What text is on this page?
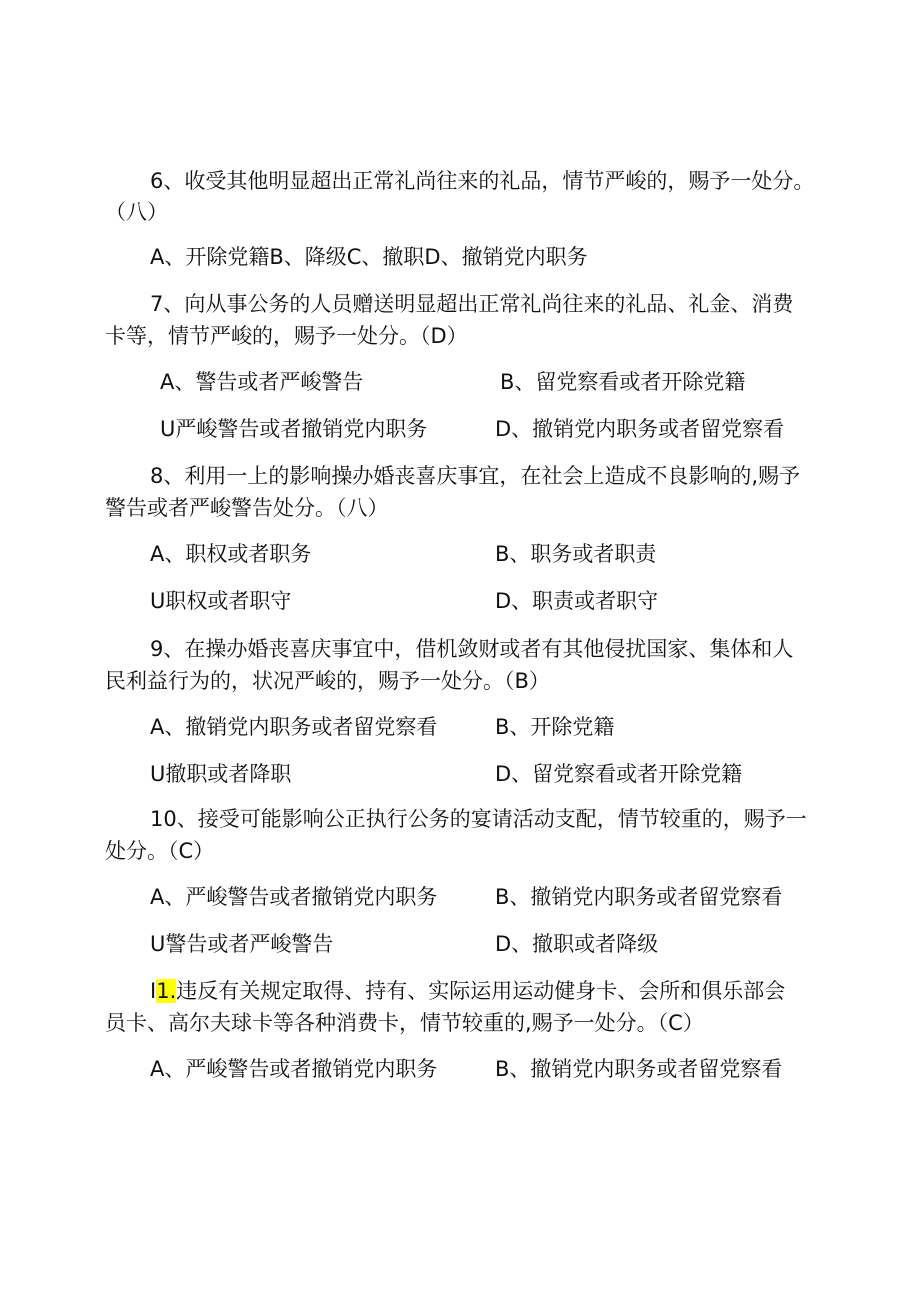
6、收受其他明显超出正常礼尚往来的礼品，情节严峻的，赐予一处分。
（八）
A、开除党籍B、降级C、撤职D、撤销党内职务
7、向从事公务的人员赠送明显超出正常礼尚往来的礼品、礼金、消费
卡等，情节严峻的，赐予一处分。（D）
A、警告或者严峻警告	B、留党察看或者开除党籍
U严峻警告或者撤销党内职务	D、撤销党内职务或者留党察看
8、利用一上的影响操办婚丧喜庆事宜，在社会上造成不良影响的,赐予
警告或者严峻警告处分。（八）
A、职权或者职务	B、职务或者职责
U职权或者职守	D、职责或者职守
9、在操办婚丧喜庆事宜中，借机敛财或者有其他侵扰国家、集体和人
民利益行为的，状况严峻的，赐予一处分。（B）
A、撤销党内职务或者留党察看	B、开除党籍
U撤职或者降职	D、留党察看或者开除党籍
10、接受可能影响公正执行公务的宴请活动支配，情节较重的，赐予一
处分。（C）
A、严峻警告或者撤销党内职务	B、撤销党内职务或者留党察看
U警告或者严峻警告	D、撤职或者降级
I1.违反有关规定取得、持有、实际运用运动健身卡、会所和俱乐部会
员卡、高尔夫球卡等各种消费卡，情节较重的,赐予一处分。（C）
A、严峻警告或者撤销党内职务	B、撤销党内职务或者留党察看
